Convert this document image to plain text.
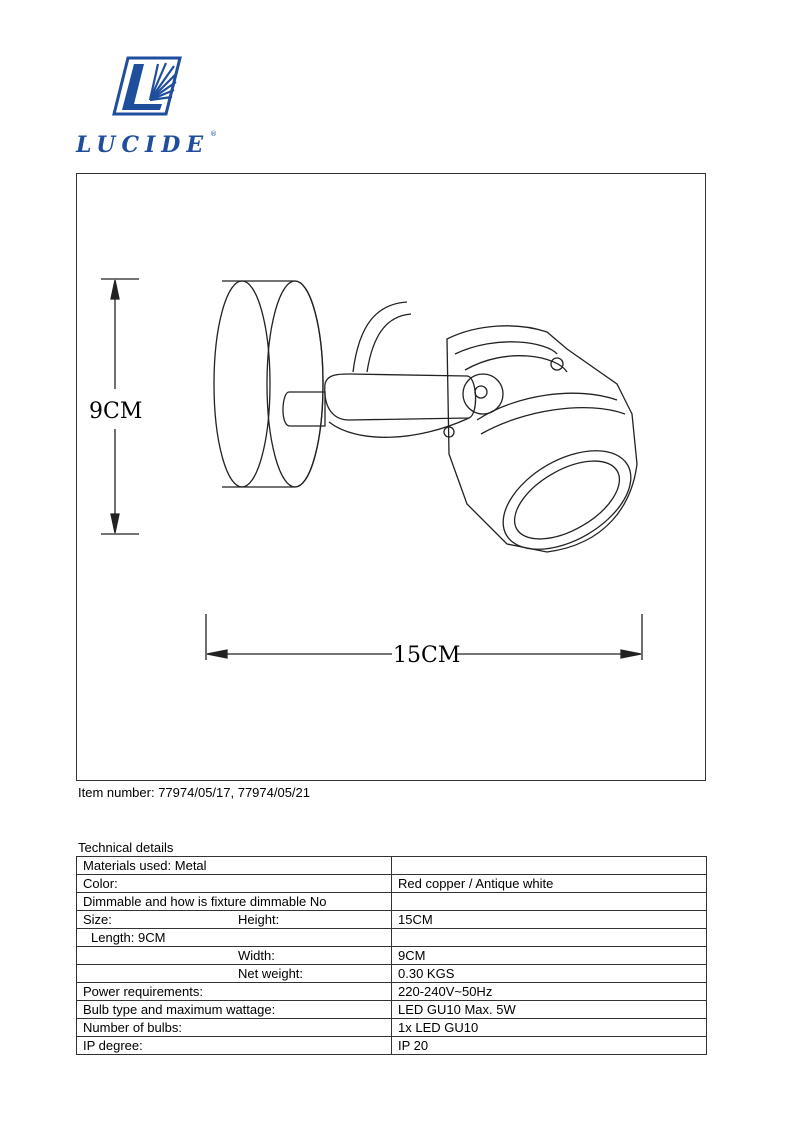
LUCIDE ®
9CM
15CM
Item number: 77974/05/17, 77974/05/21
Technical details
Materials used: Metal	

Color:	Red copper / Antique white

Dimmable and how is fixture dimmable No	

Size: Height:	15CM

Length: 9CM	

Width:	9CM

Net weight:	0.30 KGS

Power requirements:	220-240V~50Hz

Bulb type and maximum wattage:	LED GU10 Max. 5W

Number of bulbs:	1x LED GU10

IP degree:	IP 20
